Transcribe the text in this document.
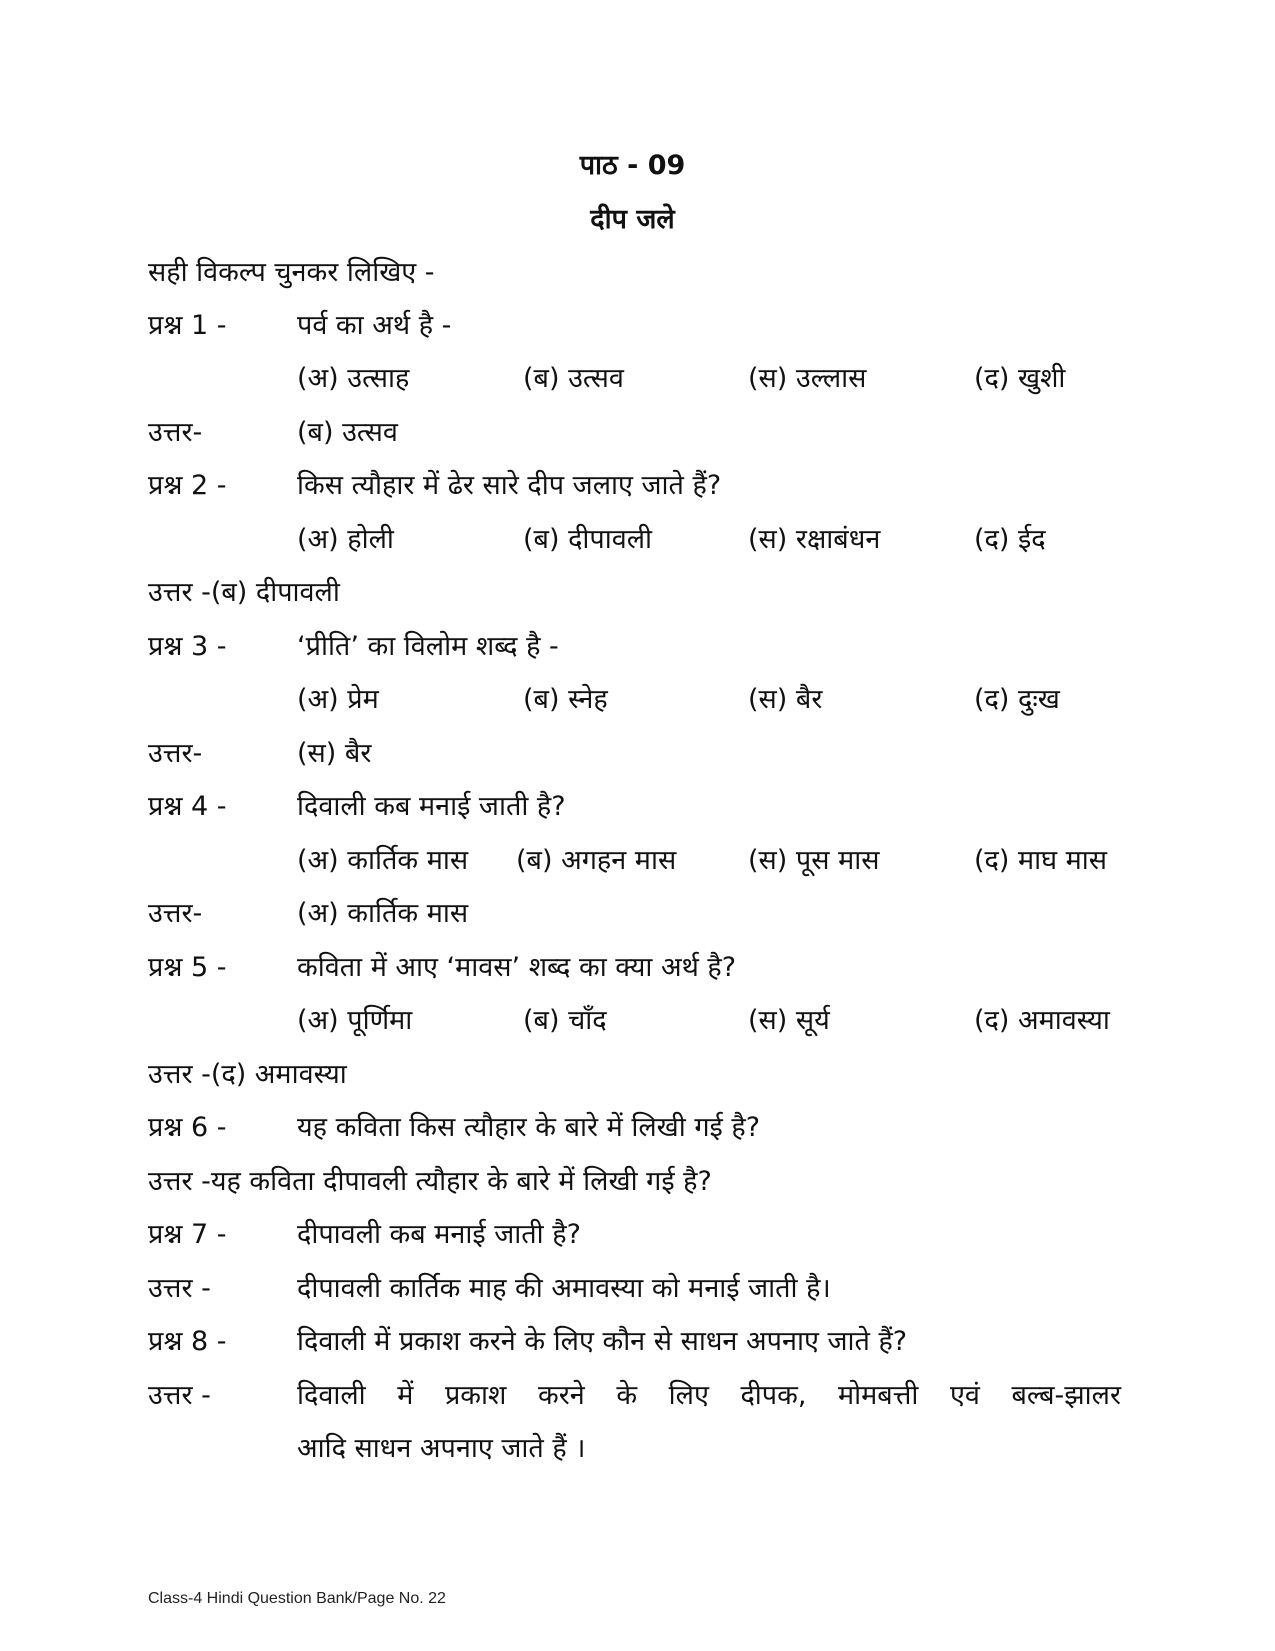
पाठ - 09
दीप जले
सही विकल्प चुनकर लिखिए -
प्रश्न 1 -	पर्व का अर्थ है -
(अ) उत्साह	(ब) उत्सव	(स) उल्लास	(द) खुशी
उत्तर-	(ब) उत्सव
प्रश्न 2 -	किस त्यौहार में ढेर सारे दीप जलाए जाते हैं?
(अ) होली	(ब) दीपावली	(स) रक्षाबंधन	(द) ईद
उत्तर -(ब) दीपावली
प्रश्न 3 -	‘प्रीति’ का विलोम शब्द है -
(अ) प्रेम	(ब) स्नेह	(स) बैर	(द) दुःख
उत्तर-	(स) बैर
प्रश्न 4 -	दिवाली कब मनाई जाती है?
(अ) कार्तिक मास (ब) अगहन मास	(स) पूस मास	(द) माघ मास
उत्तर-	(अ) कार्तिक मास
प्रश्न 5 -	कविता में आए ‘मावस’ शब्द का क्या अर्थ है?
(अ) पूर्णिमा	(ब) चाँद	(स) सूर्य	(द) अमावस्या
उत्तर -(द) अमावस्या
प्रश्न 6 -	यह कविता किस त्यौहार के बारे में लिखी गई है?
उत्तर -यह कविता दीपावली त्यौहार के बारे में लिखी गई है?
प्रश्न 7 -	दीपावली कब मनाई जाती है?
उत्तर -	दीपावली कार्तिक माह की अमावस्या को मनाई जाती है।
प्रश्न 8 -	दिवाली में प्रकाश करने के लिए कौन से साधन अपनाए जाते हैं?
उत्तर -	दिवाली में प्रकाश करने के लिए दीपक, मोमबत्ती एवं बल्ब-झालर
आदि साधन अपनाए जाते हैं ।
Class-4 Hindi Question Bank/Page No. 22
